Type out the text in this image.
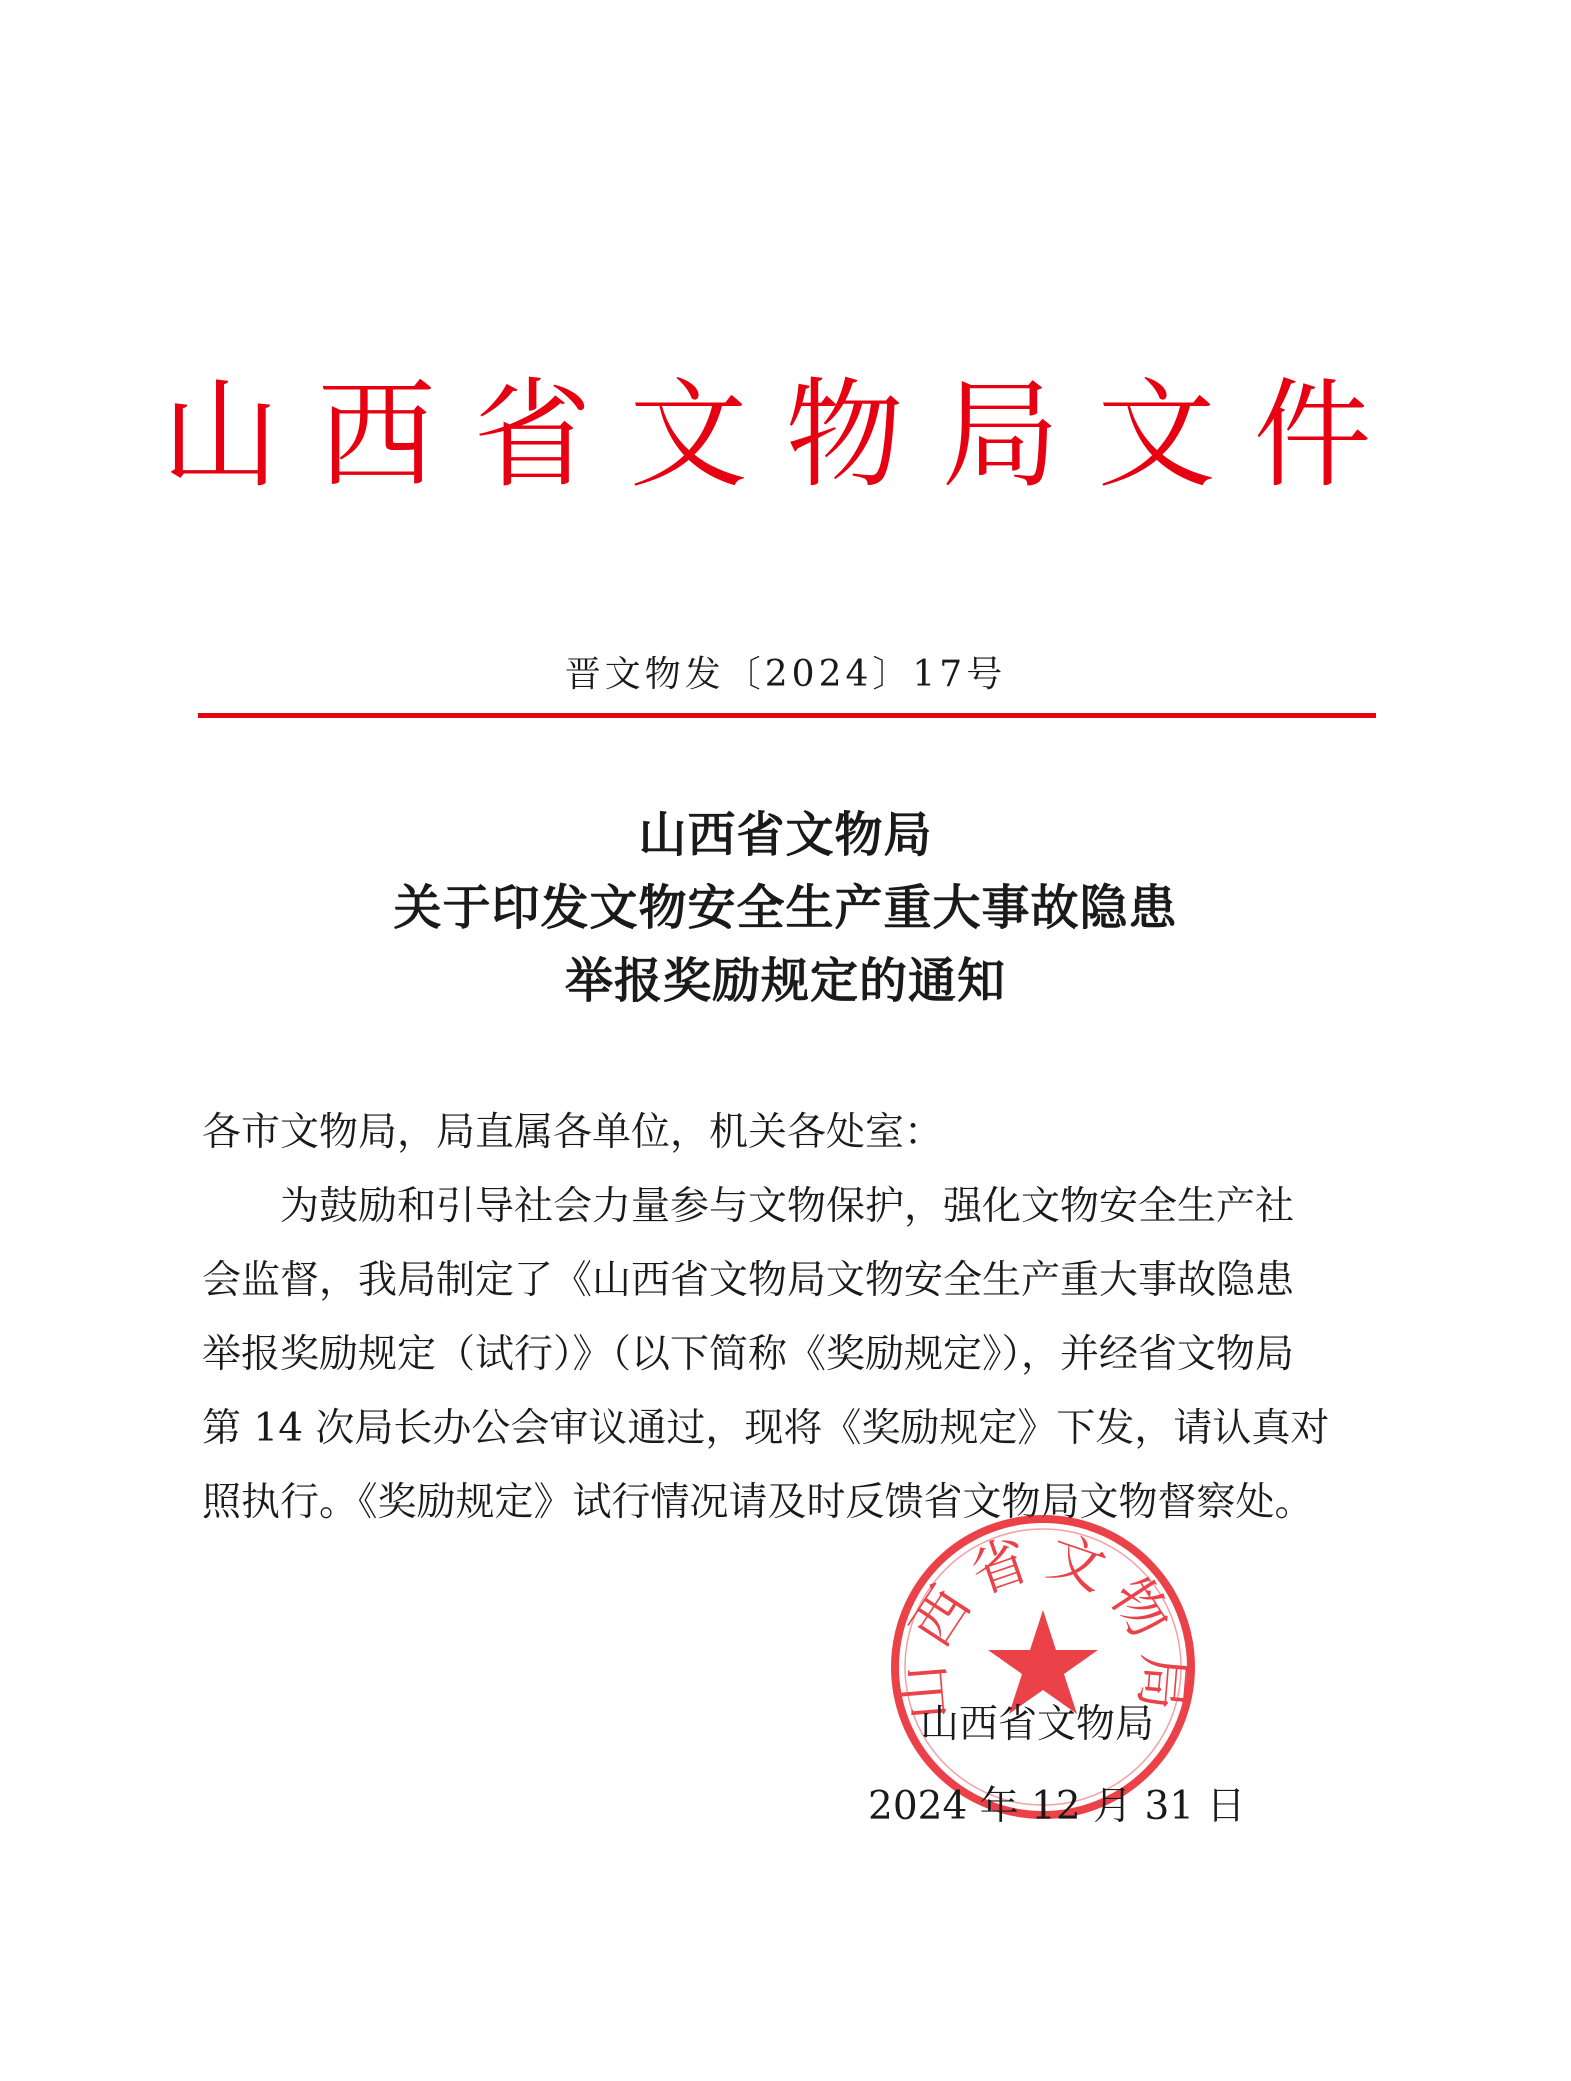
山西省文物局文件
晋文物发〔2024〕17号
山西省文物局
关于印发文物安全生产重大事故隐患
举报奖励规定的通知
各市文物局，局直属各单位，机关各处室：
为鼓励和引导社会力量参与文物保护，强化文物安全生产社
会监督，我局制定了《山西省文物局文物安全生产重大事故隐患
举报奖励规定（试行）》（以下简称《奖励规定》），并经省文物局
第 14 次局长办公会审议通过，现将《奖励规定》下发，请认真对
照执行。《奖励规定》试行情况请及时反馈省文物局文物督察处。
山西省文物局
山西省文物局
2024 年 12 月 31 日
